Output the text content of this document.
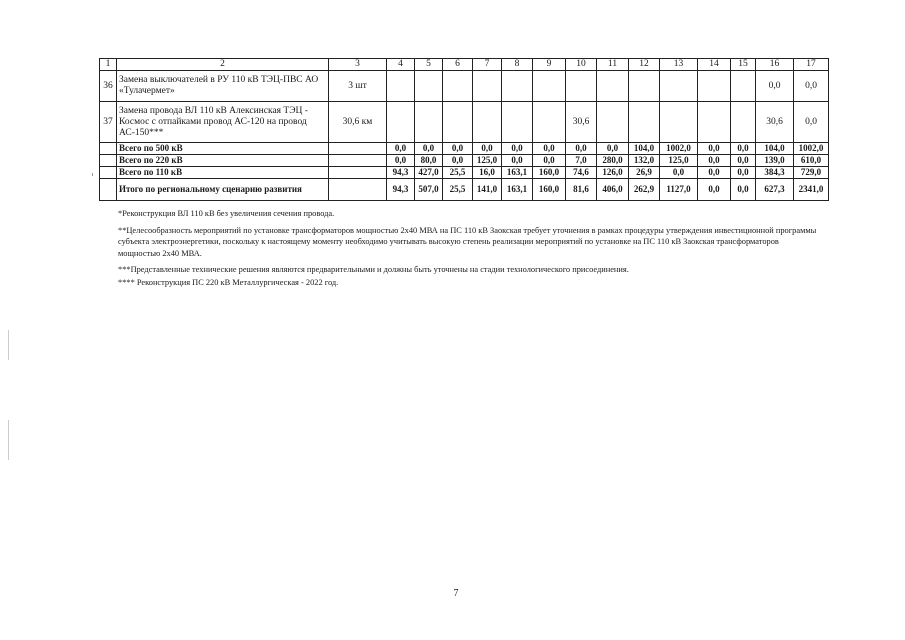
1	2	3	4	5	6	7	8	9	10	11	12	13	14	15	16	17
36	Замена выключателей в РУ 110 кВ ТЭЦ-ПВС АО «Тулачермет»	3 шт													0,0	0,0
37	Замена провода ВЛ 110 кВ Алексинская ТЭЦ - Космос с отпайками провод АС-120 на провод АС-150***	30,6 км							30,6						30,6	0,0
	Всего по 500 кВ		0,0	0,0	0,0	0,0	0,0	0,0	0,0	0,0	104,0	1002,0	0,0	0,0	104,0	1002,0
	Всего по 220 кВ		0,0	80,0	0,0	125,0	0,0	0,0	7,0	280,0	132,0	125,0	0,0	0,0	139,0	610,0
	Всего по 110 кВ		94,3	427,0	25,5	16,0	163,1	160,0	74,6	126,0	26,9	0,0	0,0	0,0	384,3	729,0
	Итого по региональному сценарию развития		94,3	507,0	25,5	141,0	163,1	160,0	81,6	406,0	262,9	1127,0	0,0	0,0	627,3	2341,0

*Реконструкция ВЛ 110 кВ без увеличения сечения провода.

**Целесообразность мероприятий по установке трансформаторов мощностью 2x40 МВА на ПС 110 кВ Заокская требует уточнения в рамках процедуры утверждения инвестиционной программы субъекта электроэнергетики, поскольку к настоящему моменту необходимо учитывать высокую степень реализации мероприятий по установке на ПС 110 кВ Заокская трансформаторов мощностью 2x40 МВА.

***Представленные технические решения являются предварительными и должны быть уточнены на стадии технологического присоединения.

**** Реконструкция ПС 220 кВ Металлургическая - 2022 год.

7
